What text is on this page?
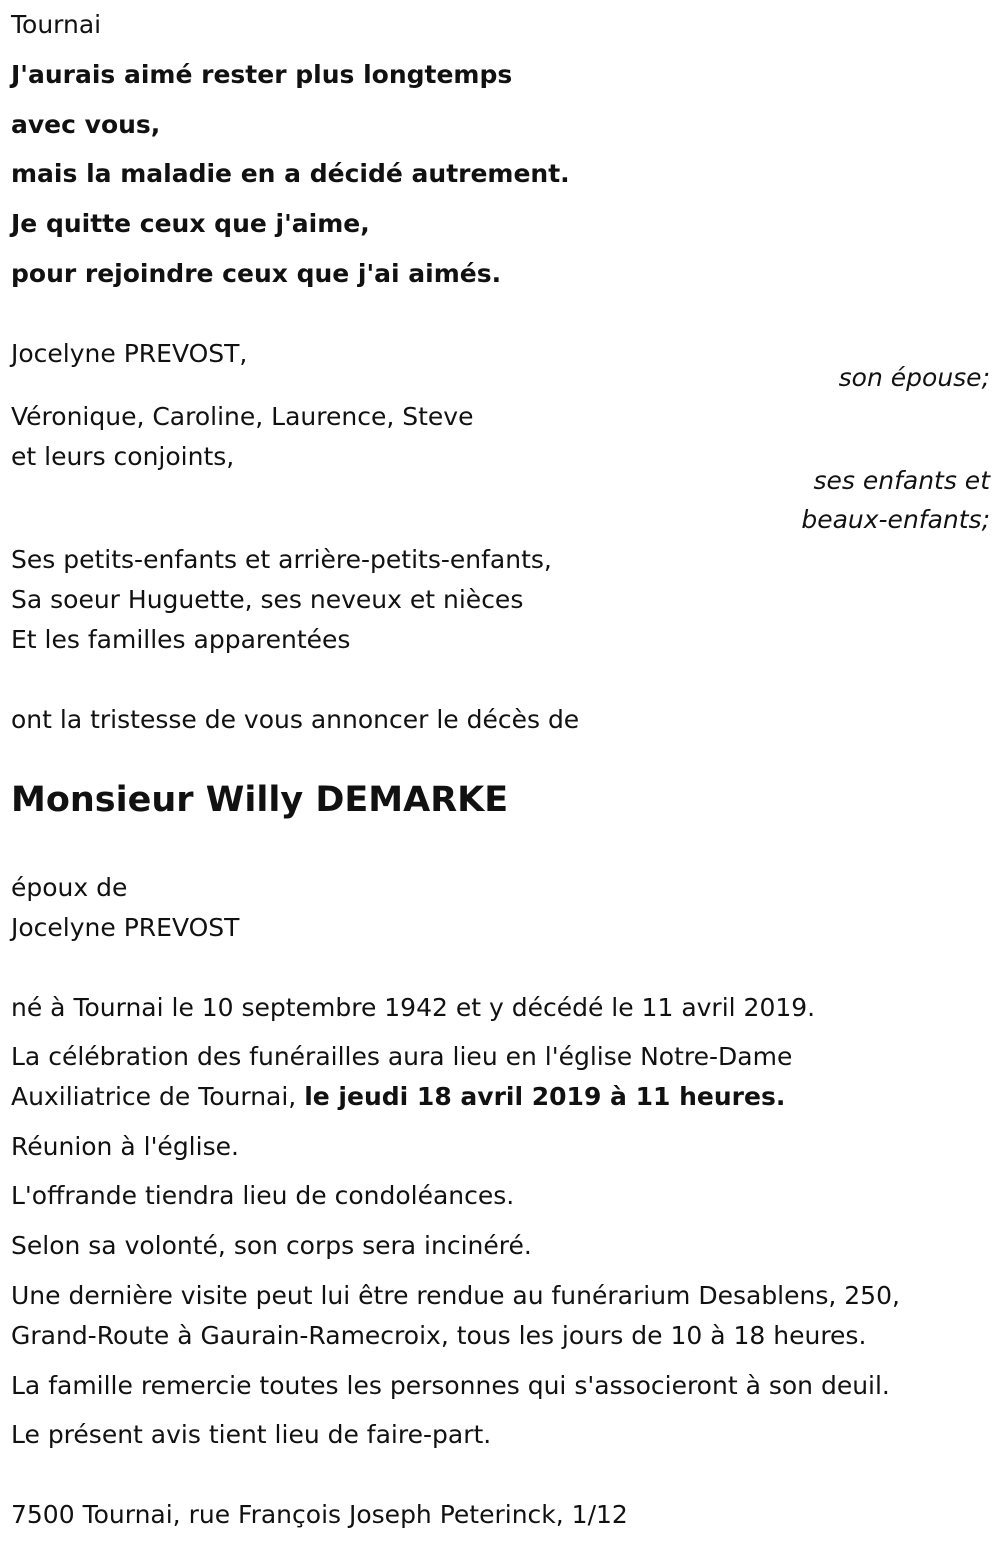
Tournai
J'aurais aimé rester plus longtemps
avec vous,
mais la maladie en a décidé autrement.
Je quitte ceux que j'aime,
pour rejoindre ceux que j'ai aimés.
Jocelyne PREVOST,
son épouse;
Véronique, Caroline, Laurence, Steve
et leurs conjoints,
ses enfants et
beaux-enfants;
Ses petits-enfants et arrière-petits-enfants,
Sa soeur Huguette, ses neveux et nièces
Et les familles apparentées
ont la tristesse de vous annoncer le décès de
Monsieur Willy DEMARKE
époux de
Jocelyne PREVOST
né à Tournai le 10 septembre 1942 et y décédé le 11 avril 2019.
La célébration des funérailles aura lieu en l'église Notre-Dame
Auxiliatrice de Tournai, le jeudi 18 avril 2019 à 11 heures.
Réunion à l'église.
L'offrande tiendra lieu de condoléances.
Selon sa volonté, son corps sera incinéré.
Une dernière visite peut lui être rendue au funérarium Desablens, 250,
Grand-Route à Gaurain-Ramecroix, tous les jours de 10 à 18 heures.
La famille remercie toutes les personnes qui s'associeront à son deuil.
Le présent avis tient lieu de faire-part.
7500 Tournai, rue François Joseph Peterinck, 1/12
